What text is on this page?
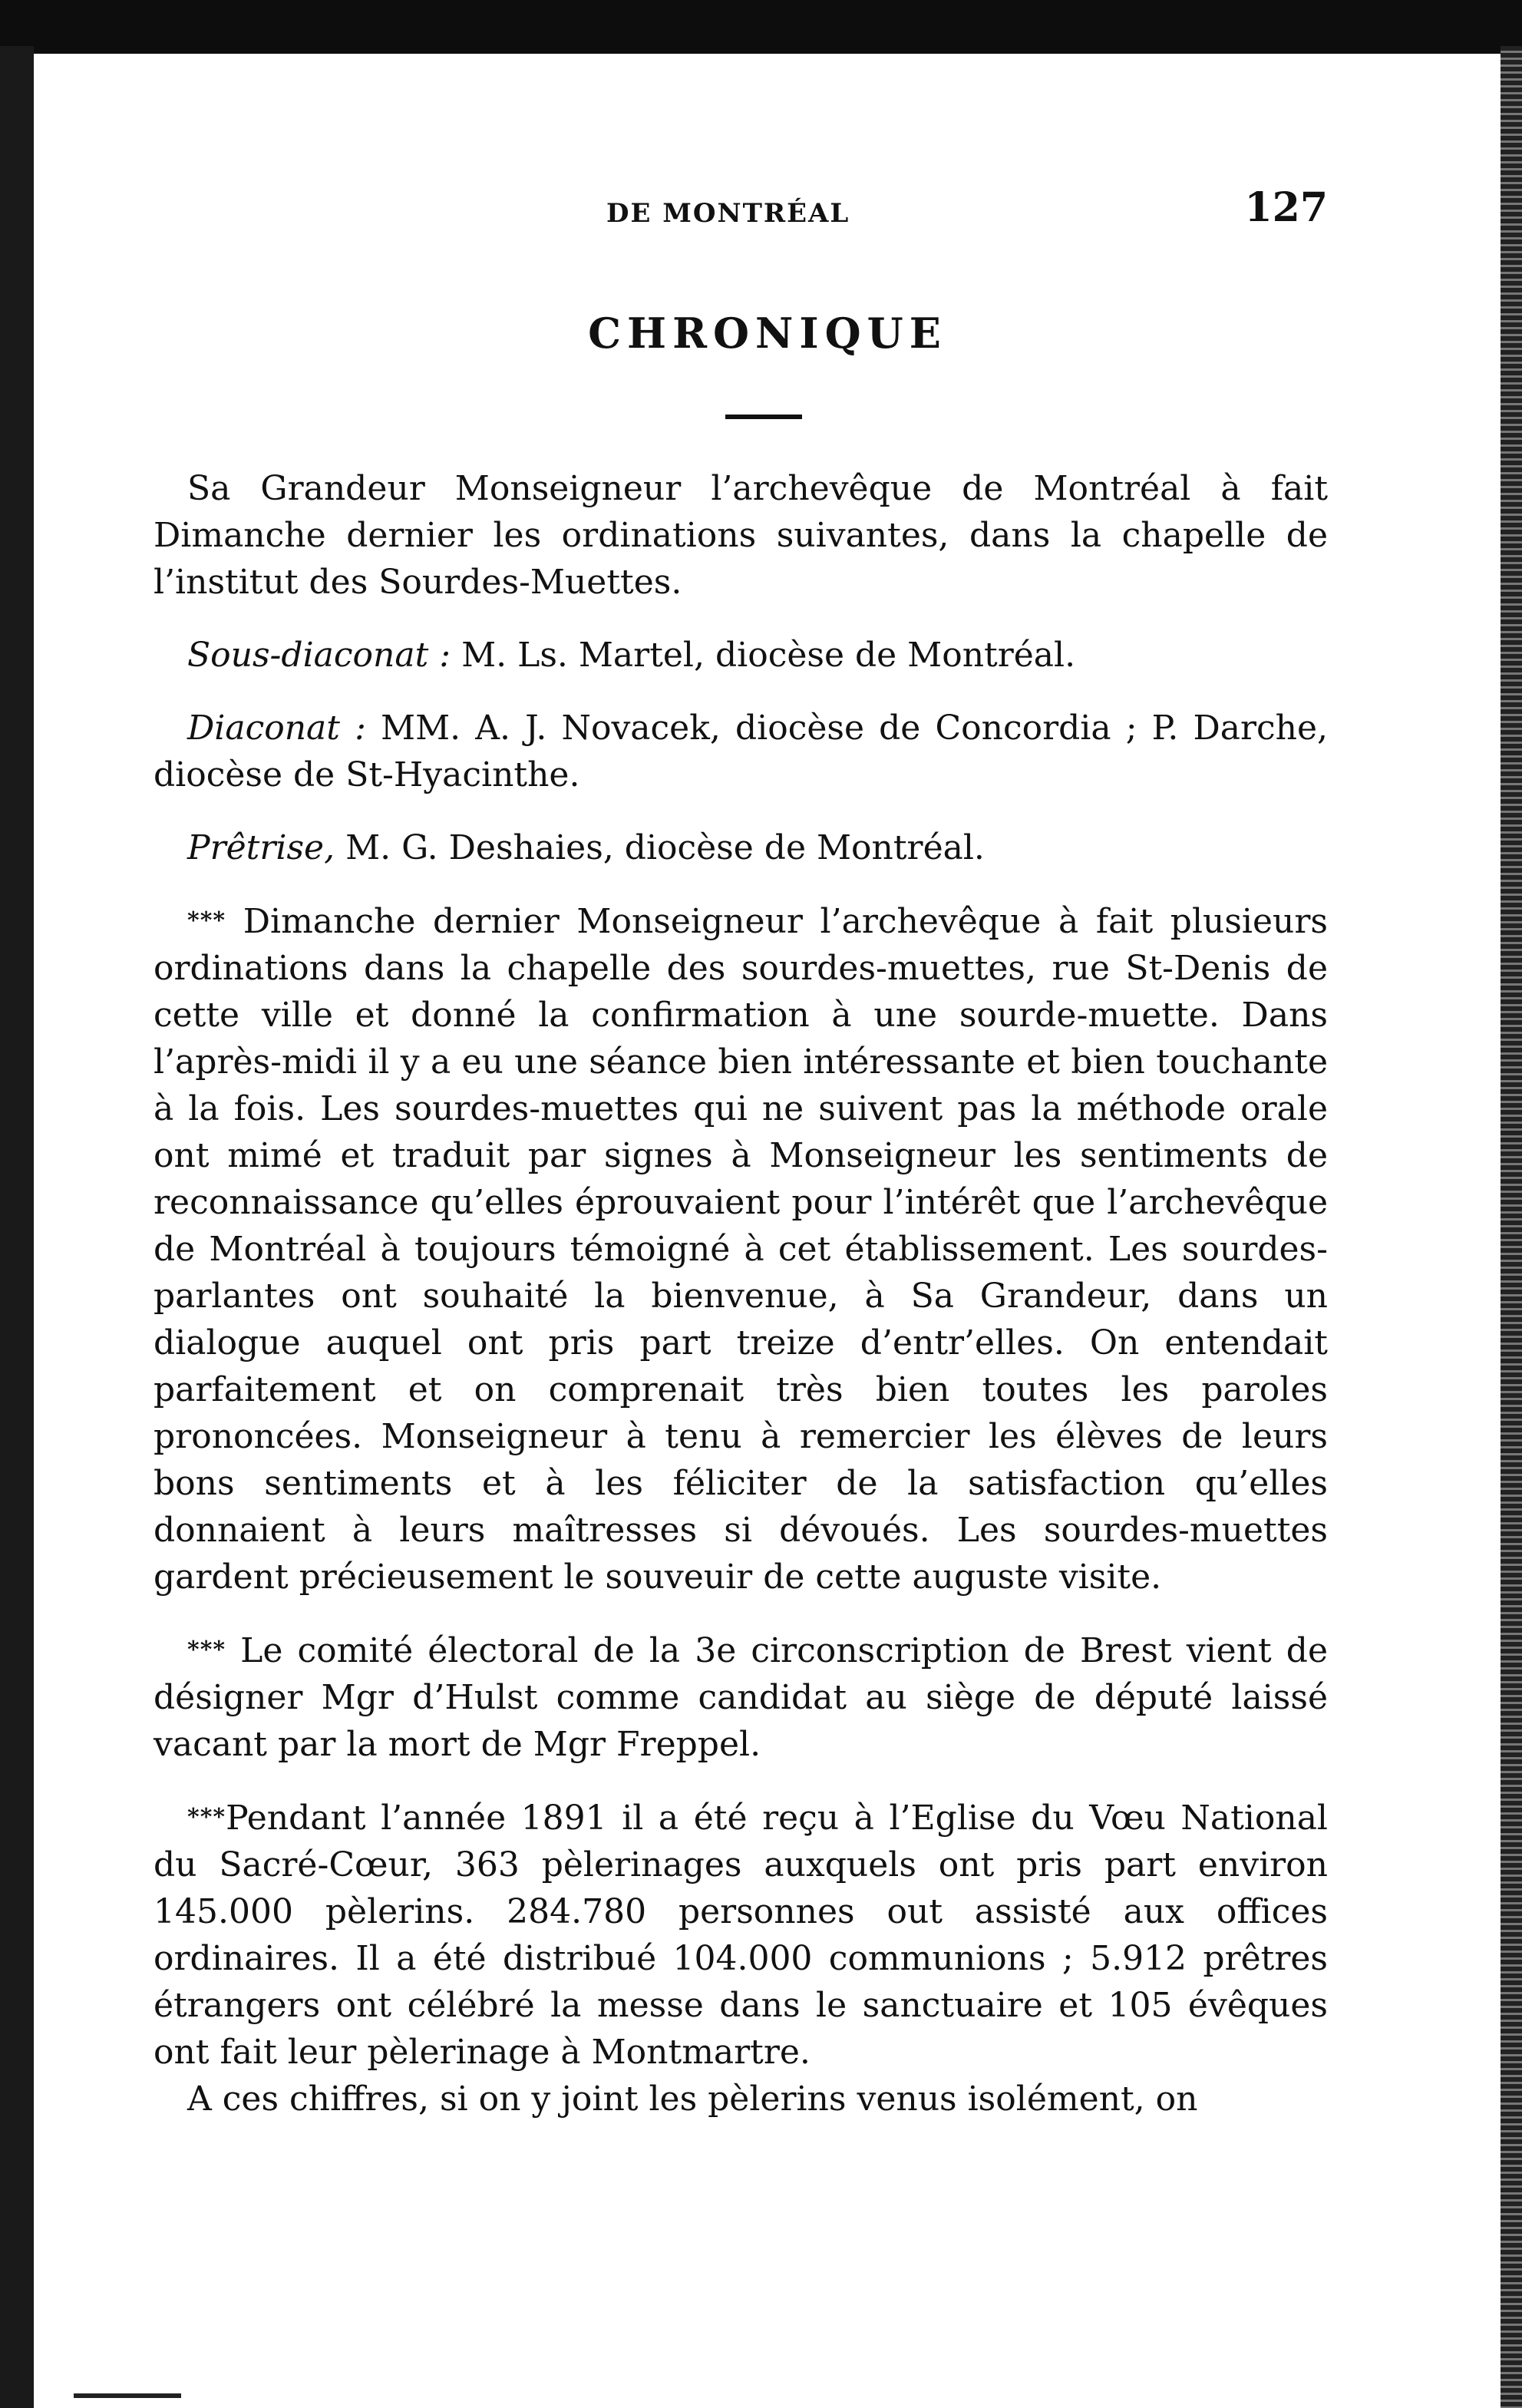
DE MONTRÉAL	127
CHRONIQUE

Sa Grandeur Monseigneur l’archevêque de Montréal à fait Dimanche dernier les ordinations suivantes, dans la chapelle de l’institut des Sourdes-Muettes.

Sous-diaconat : M. Ls. Martel, diocèse de Montréal.

Diaconat : MM. A. J. Novacek, diocèse de Concordia ; P. Darche, diocèse de St-Hyacinthe.

Prêtrise, M. G. Deshaies, diocèse de Montréal.

*** Dimanche dernier Monseigneur l’archevêque à fait plusieurs ordinations dans la chapelle des sourdes-muettes, rue St-Denis de cette ville et donné la confirmation à une sourde-muette. Dans l’après-midi il y a eu une séance bien intéressante et bien touchante à la fois. Les sourdes-muettes qui ne suivent pas la méthode orale ont mimé et traduit par signes à Monseigneur les sentiments de reconnaissance qu’elles éprouvaient pour l’intérêt que l’archevêque de Montréal à toujours témoigné à cet établissement. Les sourdes-parlantes ont souhaité la bienvenue, à Sa Grandeur, dans un dialogue auquel ont pris part treize d’entr’elles. On entendait parfaitement et on comprenait très bien toutes les paroles prononcées. Monseigneur à tenu à remercier les élèves de leurs bons sentiments et à les féliciter de la satisfaction qu’elles donnaient à leurs maîtresses si dévoués. Les sourdes-muettes gardent précieusement le souveuir de cette auguste visite.

*** Le comité électoral de la 3e circonscription de Brest vient de désigner Mgr d’Hulst comme candidat au siège de député laissé vacant par la mort de Mgr Freppel.

***Pendant l’année 1891 il a été reçu à l’Eglise du Vœu National du Sacré-Cœur, 363 pèlerinages auxquels ont pris part environ 145.000 pèlerins. 284.780 personnes out assisté aux offices ordinaires. Il a été distribué 104.000 communions ; 5.912 prêtres étrangers ont célébré la messe dans le sanctuaire et 105 évêques ont fait leur pèlerinage à Montmartre.

A ces chiffres, si on y joint les pèlerins venus isolément, on
